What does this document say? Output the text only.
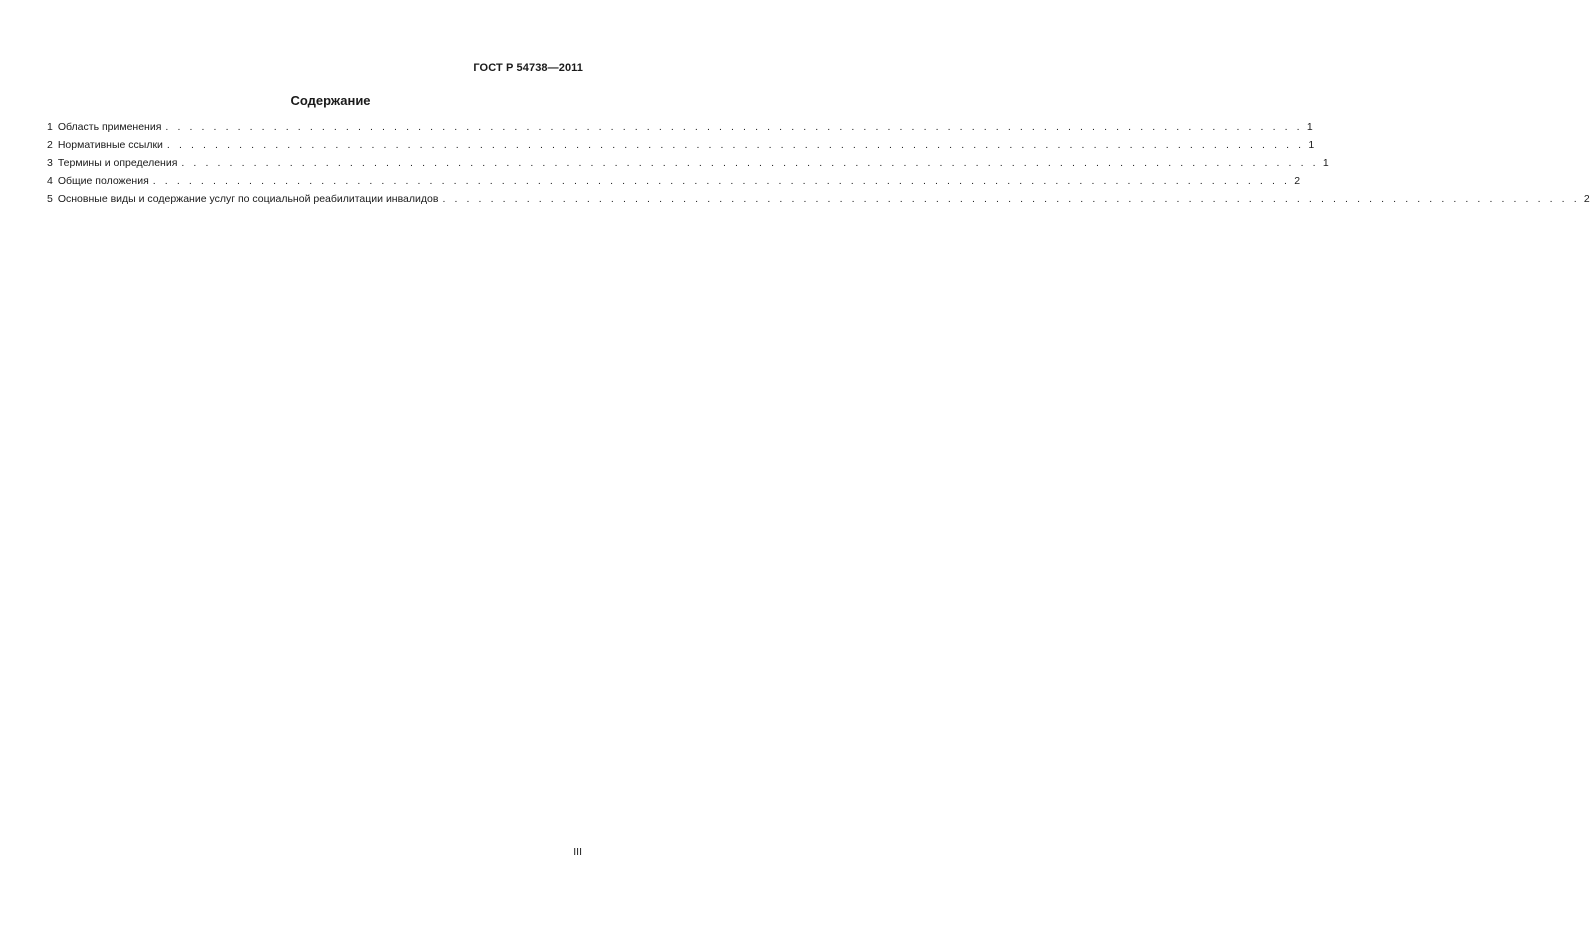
ГОСТ Р 54738—2011
Содержание
1 Область применения . . . . . . . . . . . . . . . . . . . . . . . . . . . . . . . . . . . . . . . . . . . . . . . . . . . . . . . . . . . . . . . . . . . . . . . . . . . . . . . . . . . . . . . . . . . . . . . 1
2 Нормативные ссылки . . . . . . . . . . . . . . . . . . . . . . . . . . . . . . . . . . . . . . . . . . . . . . . . . . . . . . . . . . . . . . . . . . . . . . . . . . . . . . . . . . . . . . . . . . . . . . . 1
3 Термины и определения . . . . . . . . . . . . . . . . . . . . . . . . . . . . . . . . . . . . . . . . . . . . . . . . . . . . . . . . . . . . . . . . . . . . . . . . . . . . . . . . . . . . . . . . . . . . . . . 1
4 Общие положения . . . . . . . . . . . . . . . . . . . . . . . . . . . . . . . . . . . . . . . . . . . . . . . . . . . . . . . . . . . . . . . . . . . . . . . . . . . . . . . . . . . . . . . . . . . . . . . 2
5 Основные виды и содержание услуг по социальной реабилитации инвалидов . . . . . . . . . . . . . . . . . . . . . . . . . . . . . . . . . . . . . . . . . . . . . . . . . . . . . . . . . . . . . . . . . . . . . . . . . . . . . . . . . . . . . . . . . . . . . . . 2
III
